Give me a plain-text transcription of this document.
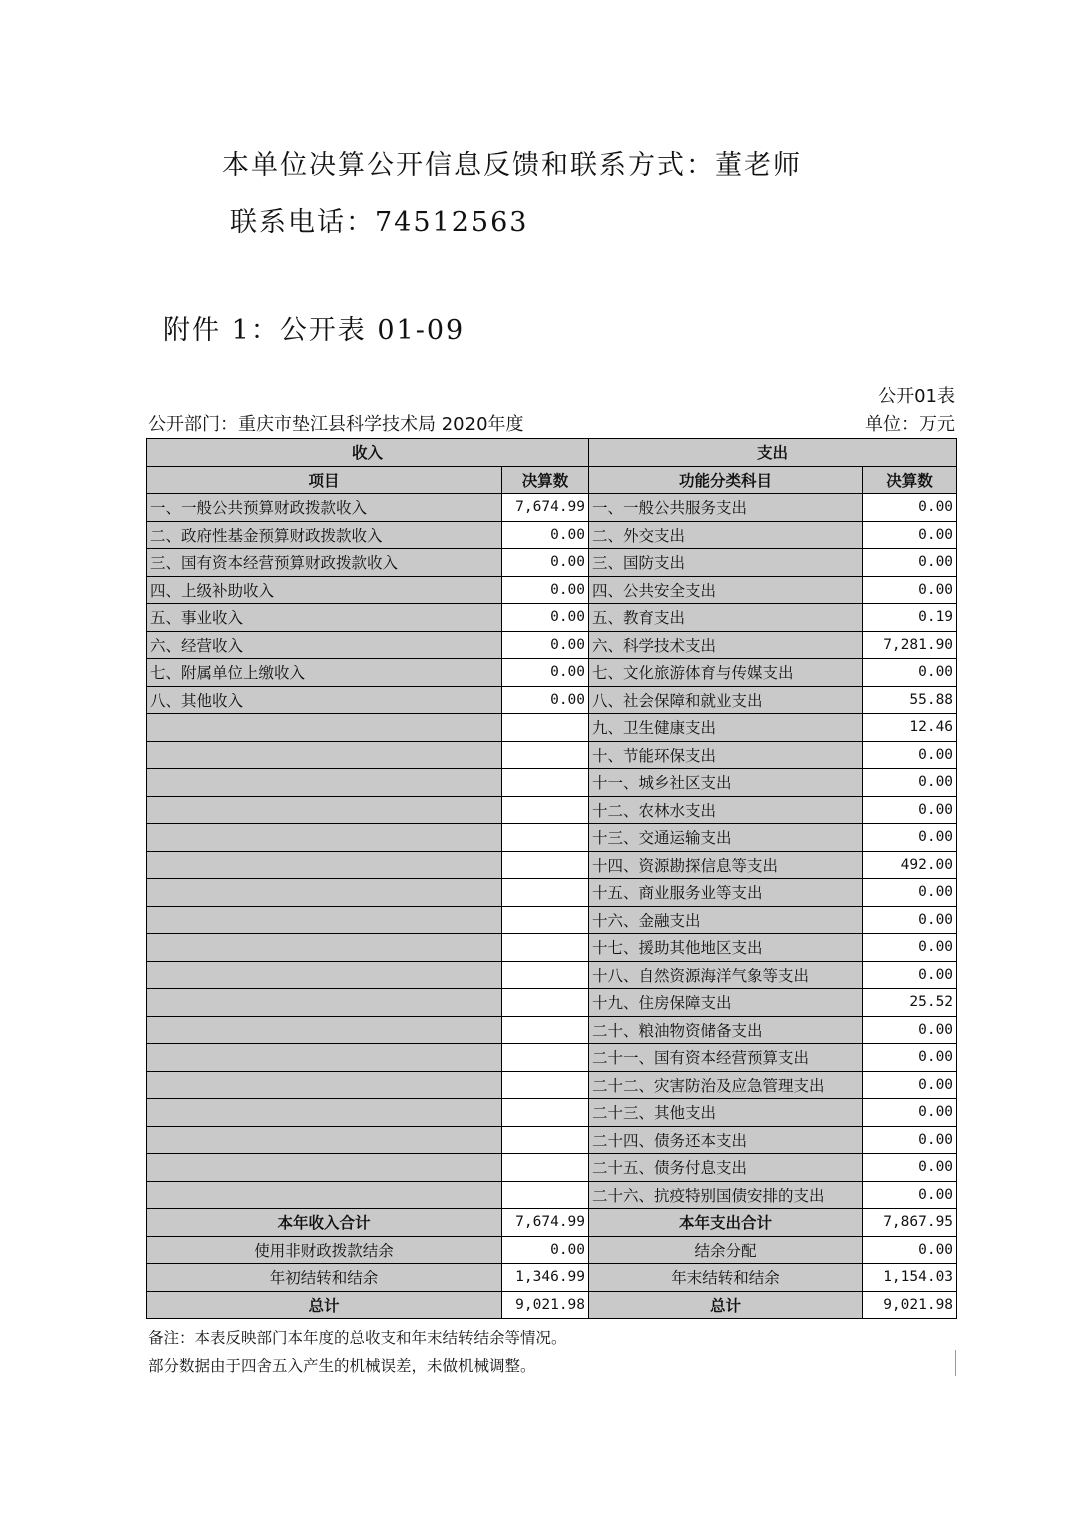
本单位决算公开信息反馈和联系方式：董老师
联系电话：74512563
附件 1：公开表 01-09
公开01表
公开部门：重庆市垫江县科学技术局 2020年度	单位：万元
收入		支出	
项目	决算数	功能分类科目	决算数
一、一般公共预算财政拨款收入	7,674.99	一、一般公共服务支出	0.00
二、政府性基金预算财政拨款收入	0.00	二、外交支出	0.00
三、国有资本经营预算财政拨款收入	0.00	三、国防支出	0.00
四、上级补助收入	0.00	四、公共安全支出	0.00
五、事业收入	0.00	五、教育支出	0.19
六、经营收入	0.00	六、科学技术支出	7,281.90
七、附属单位上缴收入	0.00	七、文化旅游体育与传媒支出	0.00
八、其他收入	0.00	八、社会保障和就业支出	55.88
		九、卫生健康支出	12.46
		十、节能环保支出	0.00
		十一、城乡社区支出	0.00
		十二、农林水支出	0.00
		十三、交通运输支出	0.00
		十四、资源勘探信息等支出	492.00
		十五、商业服务业等支出	0.00
		十六、金融支出	0.00
		十七、援助其他地区支出	0.00
		十八、自然资源海洋气象等支出	0.00
		十九、住房保障支出	25.52
		二十、粮油物资储备支出	0.00
		二十一、国有资本经营预算支出	0.00
		二十二、灾害防治及应急管理支出	0.00
		二十三、其他支出	0.00
		二十四、债务还本支出	0.00
		二十五、债务付息支出	0.00
		二十六、抗疫特别国债安排的支出	0.00
本年收入合计	7,674.99	本年支出合计	7,867.95
使用非财政拨款结余	0.00	结余分配	0.00
年初结转和结余	1,346.99	年末结转和结余	1,154.03
总计	9,021.98	总计	9,021.98
备注：本表反映部门本年度的总收支和年末结转结余等情况。
部分数据由于四舍五入产生的机械误差，未做机械调整。
